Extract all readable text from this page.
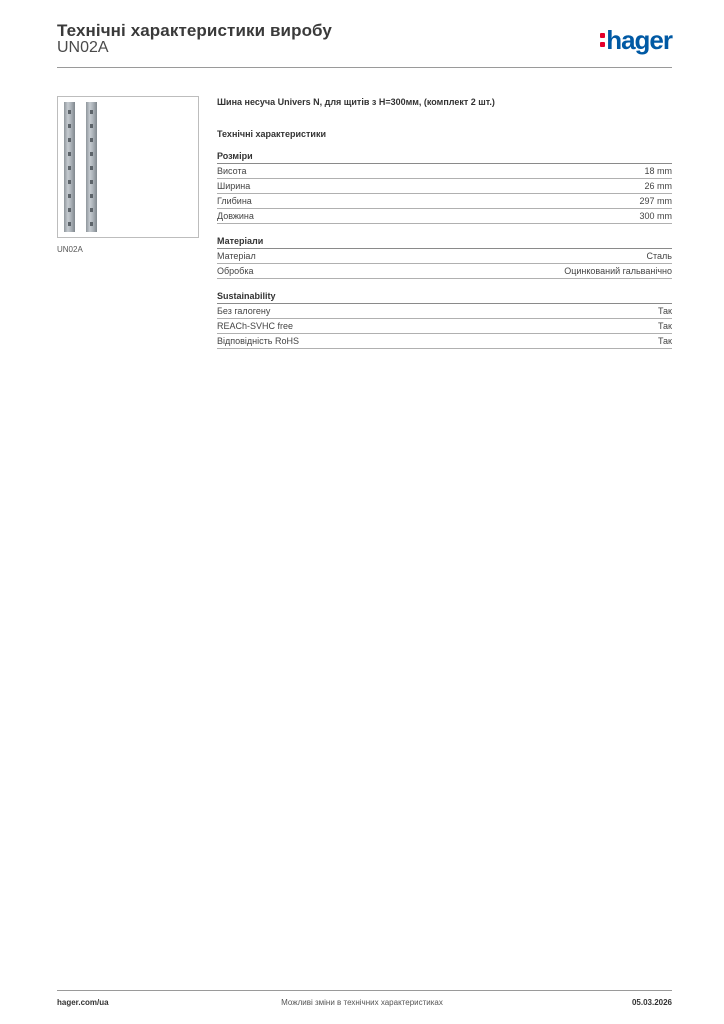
Технічні характеристики виробу
UN02A	hager
UN02A
Шина несуча Univers N, для щитів з H=300мм, (комплект 2 шт.)
Технічні характеристики
Розміри
Висота	18 mm
Ширина	26 mm
Глибина	297 mm
Довжина	300 mm
Матеріали
Матеріал	Сталь
Обробка	Оцинкований гальванічно
Sustainability
Без галогену	Так
REACh-SVHC free	Так
Відповідність RoHS	Так
hager.com/ua	Можливі зміни в технічних характеристиках	05.03.2026
